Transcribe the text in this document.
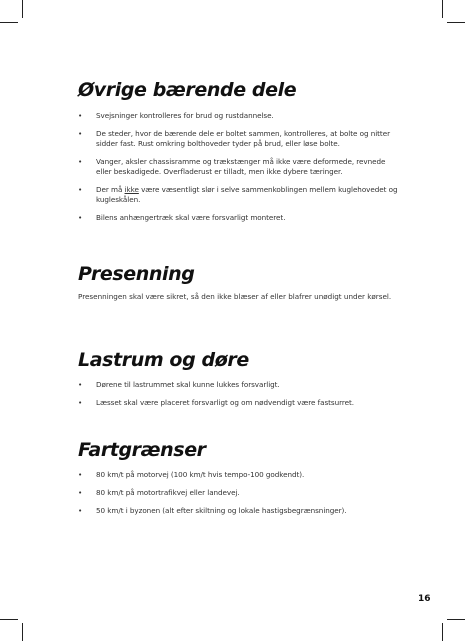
Øvrige bærende dele
• Svejsninger kontrolleres for brud og rustdannelse.
• De steder, hvor de bærende dele er boltet sammen, kontrolleres, at bolte og nitter sidder fast. Rust omkring bolthoveder tyder på brud, eller løse bolte.
• Vanger, aksler chassisramme og trækstænger må ikke være deformede, revnede eller beskadigede. Overfladerust er tilladt, men ikke dybere tæringer.
• Der må ikke være væsentligt slør i selve sammenkoblingen mellem kuglehovedet og kugleskålen.
• Bilens anhængertræk skal være forsvarligt monteret.
Presenning

Presenningen skal være sikret, så den ikke blæser af eller blafrer unødigt under kørsel.

Lastrum og døre
• Dørene til lastrummet skal kunne lukkes forsvarligt.
• Læsset skal være placeret forsvarligt og om nødvendigt være fastsurret.
Fartgrænser
• 80 km/t på motorvej (100 km/t hvis tempo-100 godkendt).
• 80 km/t på motortrafikvej eller landevej.
• 50 km/t i byzonen (alt efter skiltning og lokale hastigsbegrænsninger).
16
